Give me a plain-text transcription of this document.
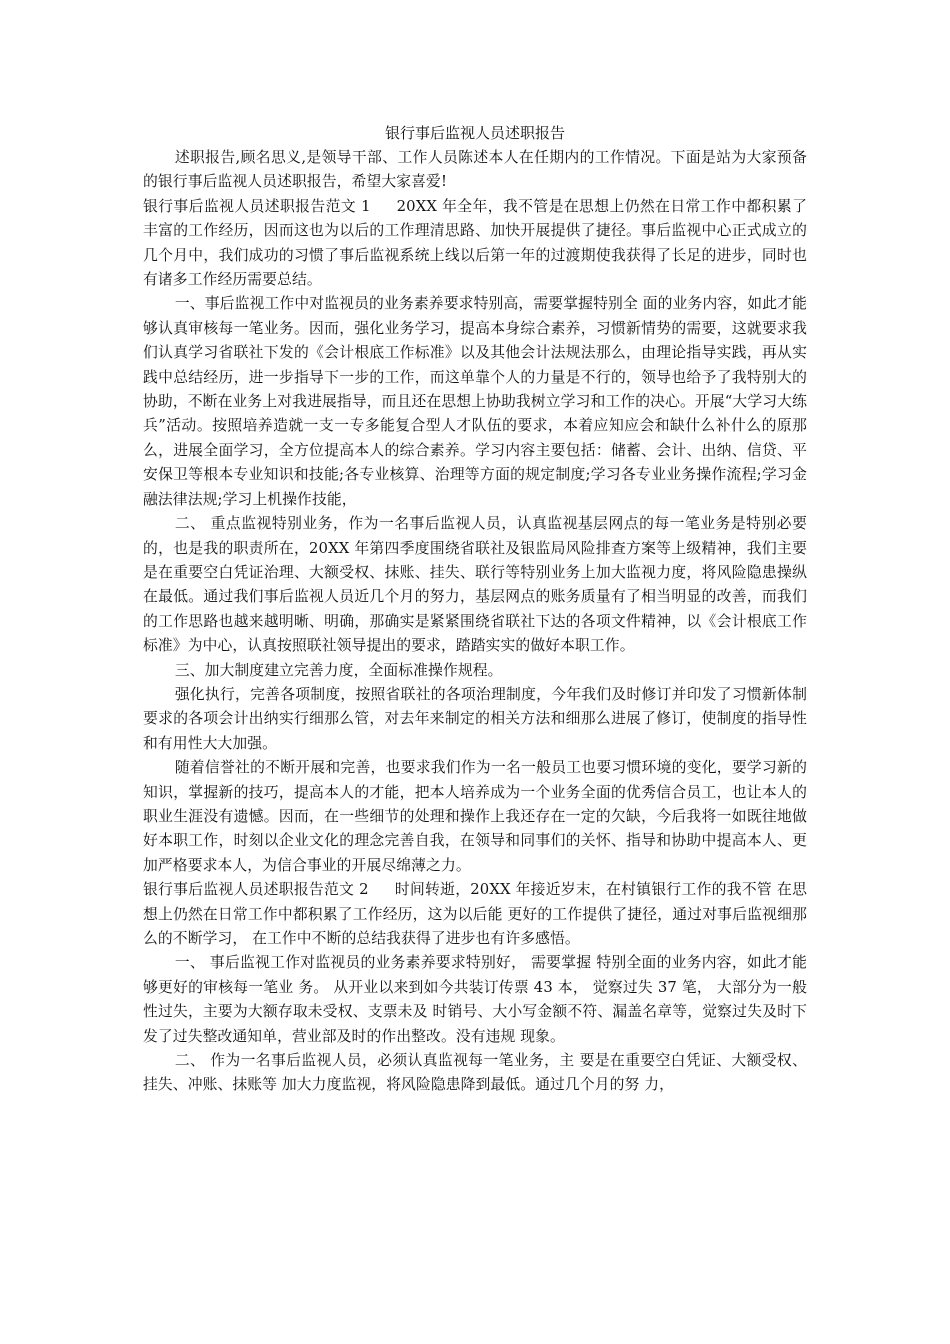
银行事后监视人员述职报告

述职报告,顾名思义,是领导干部、工作人员陈述本人在任期内的工作情况。下面是站为大家预备的银行事后监视人员述职报告，希望大家喜爱!

银行事后监视人员述职报告范文 1 20XX 年全年，我不管是在思想上仍然在日常工作中都积累了丰富的工作经历，因而这也为以后的工作理清思路、加快开展提供了捷径。事后监视中心正式成立的几个月中，我们成功的习惯了事后监视系统上线以后第一年的过渡期使我获得了长足的进步，同时也有诸多工作经历需要总结。

一、事后监视工作中对监视员的业务素养要求特别高，需要掌握特别全 面的业务内容，如此才能够认真审核每一笔业务。因而，强化业务学习，提高本身综合素养，习惯新情势的需要，这就要求我们认真学习省联社下发的《会计根底工作标准》以及其他会计法规法那么，由理论指导实践，再从实践中总结经历，进一步指导下一步的工作，而这单靠个人的力量是不行的，领导也给予了我特别大的协助，不断在业务上对我进展指导，而且还在思想上协助我树立学习和工作的决心。开展“大学习大练兵”活动。按照培养造就一支一专多能复合型人才队伍的要求，本着应知应会和缺什么补什么的原那么，进展全面学习，全方位提高本人的综合素养。学习内容主要包括：储蓄、会计、出纳、信贷、平安保卫等根本专业知识和技能;各专业核算、治理等方面的规定制度;学习各专业业务操作流程;学习金融法律法规;学习上机操作技能，

二、 重点监视特别业务，作为一名事后监视人员，认真监视基层网点的每一笔业务是特别必要的，也是我的职责所在，20XX 年第四季度围绕省联社及银监局风险排查方案等上级精神，我们主要是在重要空白凭证治理、大额受权、抹账、挂失、联行等特别业务上加大监视力度，将风险隐患操纵在最低。通过我们事后监视人员近几个月的努力，基层网点的账务质量有了相当明显的改善，而我们的工作思路也越来越明晰、明确，那确实是紧紧围绕省联社下达的各项文件精神，以《会计根底工作标准》为中心，认真按照联社领导提出的要求，踏踏实实的做好本职工作。

三、加大制度建立完善力度，全面标准操作规程。

强化执行，完善各项制度，按照省联社的各项治理制度，今年我们及时修订并印发了习惯新体制要求的各项会计出纳实行细那么管，对去年来制定的相关方法和细那么进展了修订，使制度的指导性和有用性大大加强。

随着信誉社的不断开展和完善，也要求我们作为一名一般员工也要习惯环境的变化，要学习新的知识，掌握新的技巧，提高本人的才能，把本人培养成为一个业务全面的优秀信合员工，也让本人的职业生涯没有遗憾。因而，在一些细节的处理和操作上我还存在一定的欠缺，今后我将一如既往地做好本职工作，时刻以企业文化的理念完善自我，在领导和同事们的关怀、指导和协助中提高本人、更加严格要求本人，为信合事业的开展尽绵薄之力。

银行事后监视人员述职报告范文 2 时间转逝，20XX 年接近岁末，在村镇银行工作的我不管 在思想上仍然在日常工作中都积累了工作经历，这为以后能 更好的工作提供了捷径，通过对事后监视细那么的不断学习， 在工作中不断的总结我获得了进步也有许多感悟。

一、 事后监视工作对监视员的业务素养要求特别好， 需要掌握 特别全面的业务内容，如此才能够更好的审核每一笔业 务。 从开业以来到如今共装订传票 43 本， 觉察过失 37 笔， 大部分为一般性过失，主要为大额存取未受权、支票未及 时销号、大小写金额不符、漏盖名章等，觉察过失及时下 发了过失整改通知单，营业部及时的作出整改。没有违规 现象。

二、 作为一名事后监视人员，必须认真监视每一笔业务，主 要是在重要空白凭证、大额受权、挂失、冲账、抹账等 加大力度监视，将风险隐患降到最低。通过几个月的努 力，
